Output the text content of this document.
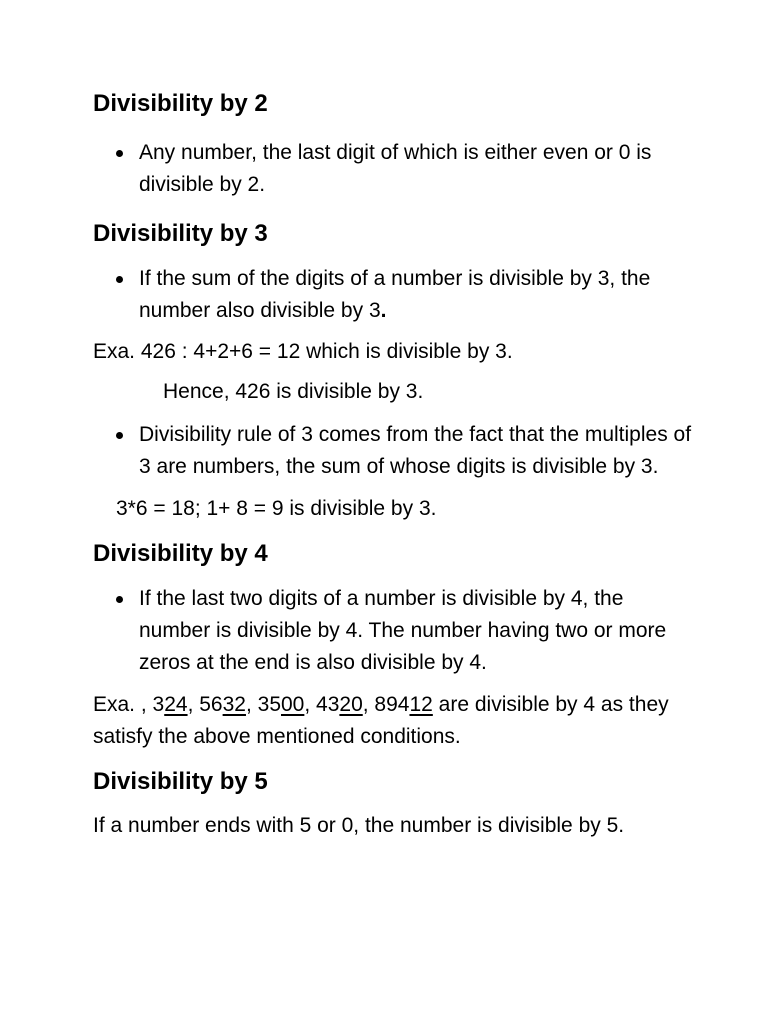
Divisibility by 2
Any number, the last digit of which is either even or 0 is divisible by 2.
Divisibility by 3
If the sum of the digits of a number is divisible by 3, the number also divisible by 3.

Exa. 426 : 4+2+6 = 12 which is divisible by 3.

Hence, 426 is divisible by 3.

Divisibility rule of 3 comes from the fact that the multiples of 3 are numbers, the sum of whose digits is divisible by 3.

3*6 = 18; 1+ 8 = 9 is divisible by 3.

Divisibility by 4
If the last two digits of a number is divisible by 4, the number is divisible by 4. The number having two or more zeros at the end is also divisible by 4.

Exa. , 324, 5632, 3500, 4320, 89412 are divisible by 4 as they satisfy the above mentioned conditions.

Divisibility by 5

If a number ends with 5 or 0, the number is divisible by 5.
